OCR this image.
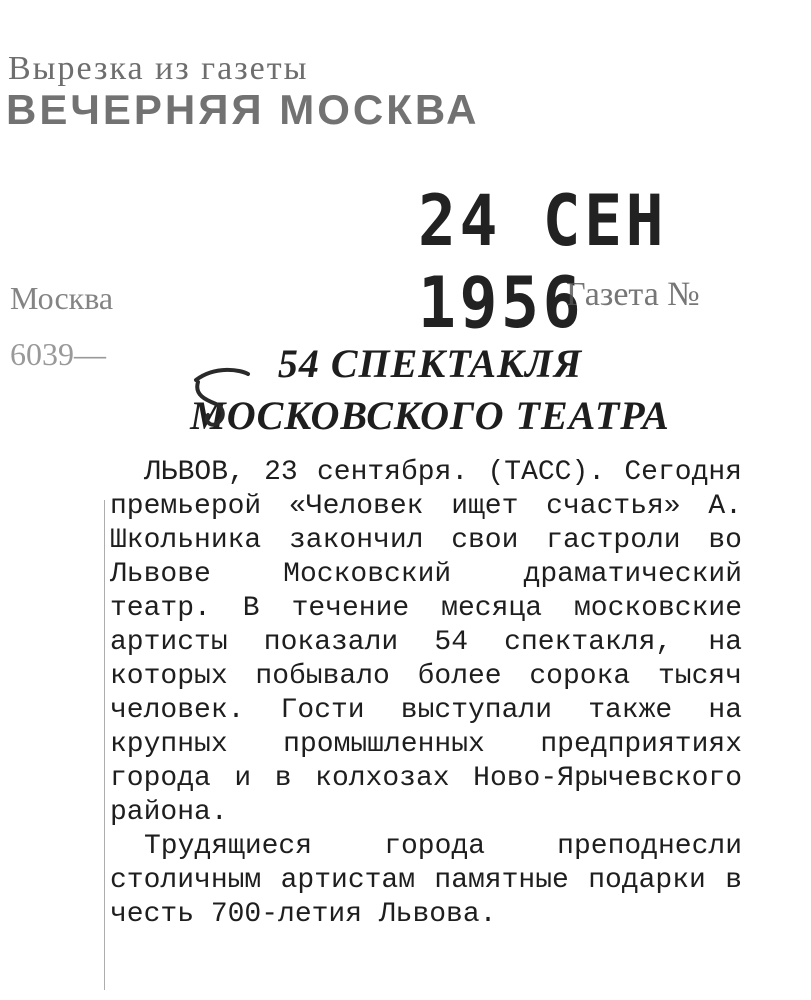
Вырезка из газеты
ВЕЧЕРНЯЯ МОСКВА
24 СЕН 1956
Москва
6039—
Газета №
54 СПЕКТАКЛЯ
МОСКОВСКОГО ТЕАТРА

ЛЬВОВ, 23 сентября. (ТАСС). Сегодня премьерой «Человек ищет счастья» А. Школьника закончил свои гастроли во Львове Московский драматический театр. В течение месяца московские артисты показали 54 спектакля, на которых побывало более сорока тысяч человек. Гости выступали также на крупных промышленных предприятиях города и в колхозах Ново-Ярычевского района.

Трудящиеся города преподнесли столичным артистам памятные подарки в честь 700-летия Львова.
